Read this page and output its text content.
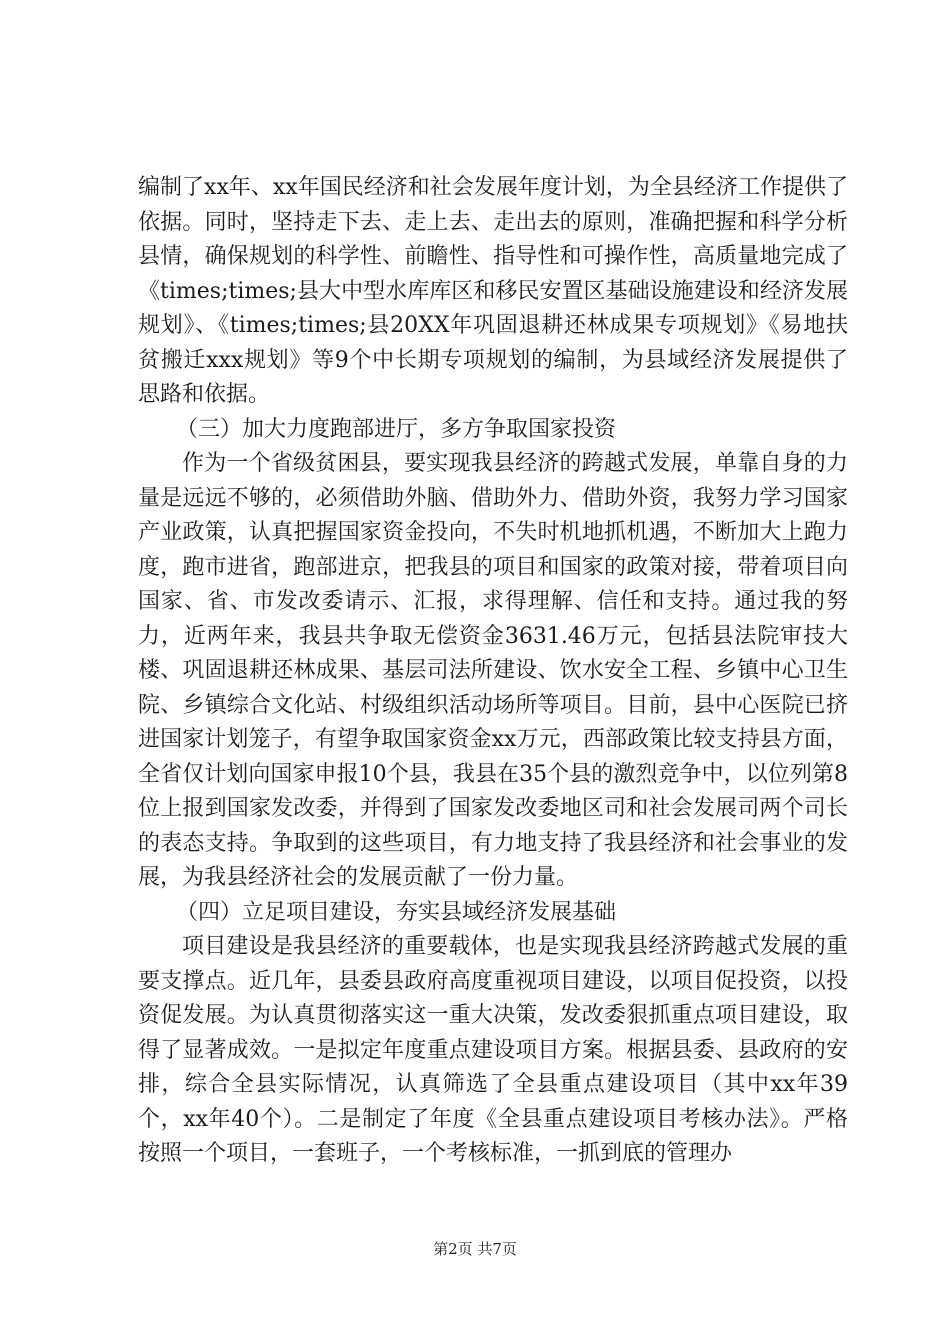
编制了xx年、xx年国民经济和社会发展年度计划，为全县经济工作提供了依据。同时，坚持走下去、走上去、走出去的原则，准确把握和科学分析县情，确保规划的科学性、前瞻性、指导性和可操作性，高质量地完成了《times;times;县大中型水库库区和移民安置区基础设施建设和经济发展规划》、《times;times;县20XX年巩固退耕还林成果专项规划》《易地扶贫搬迁xxx规划》等9个中长期专项规划的编制，为县域经济发展提供了思路和依据。

（三）加大力度跑部进厅，多方争取国家投资

作为一个省级贫困县，要实现我县经济的跨越式发展，单靠自身的力量是远远不够的，必须借助外脑、借助外力、借助外资，我努力学习国家产业政策，认真把握国家资金投向，不失时机地抓机遇，不断加大上跑力度，跑市进省，跑部进京，把我县的项目和国家的政策对接，带着项目向国家、省、市发改委请示、汇报，求得理解、信任和支持。通过我的努力，近两年来，我县共争取无偿资金3631.46万元，包括县法院审技大楼、巩固退耕还林成果、基层司法所建设、饮水安全工程、乡镇中心卫生院、乡镇综合文化站、村级组织活动场所等项目。目前，县中心医院已挤进国家计划笼子，有望争取国家资金xx万元，西部政策比较支持县方面，全省仅计划向国家申报10个县，我县在35个县的激烈竞争中，以位列第8位上报到国家发改委，并得到了国家发改委地区司和社会发展司两个司长的表态支持。争取到的这些项目，有力地支持了我县经济和社会事业的发展，为我县经济社会的发展贡献了一份力量。

（四）立足项目建设，夯实县域经济发展基础

项目建设是我县经济的重要载体，也是实现我县经济跨越式发展的重要支撑点。近几年，县委县政府高度重视项目建设，以项目促投资，以投资促发展。为认真贯彻落实这一重大决策，发改委狠抓重点项目建设，取得了显著成效。一是拟定年度重点建设项目方案。根据县委、县政府的安排，综合全县实际情况，认真筛选了全县重点建设项目（其中xx年39个，xx年40个）。二是制定了年度《全县重点建设项目考核办法》。严格按照一个项目，一套班子，一个考核标准，一抓到底的管理办

第2页 共7页
